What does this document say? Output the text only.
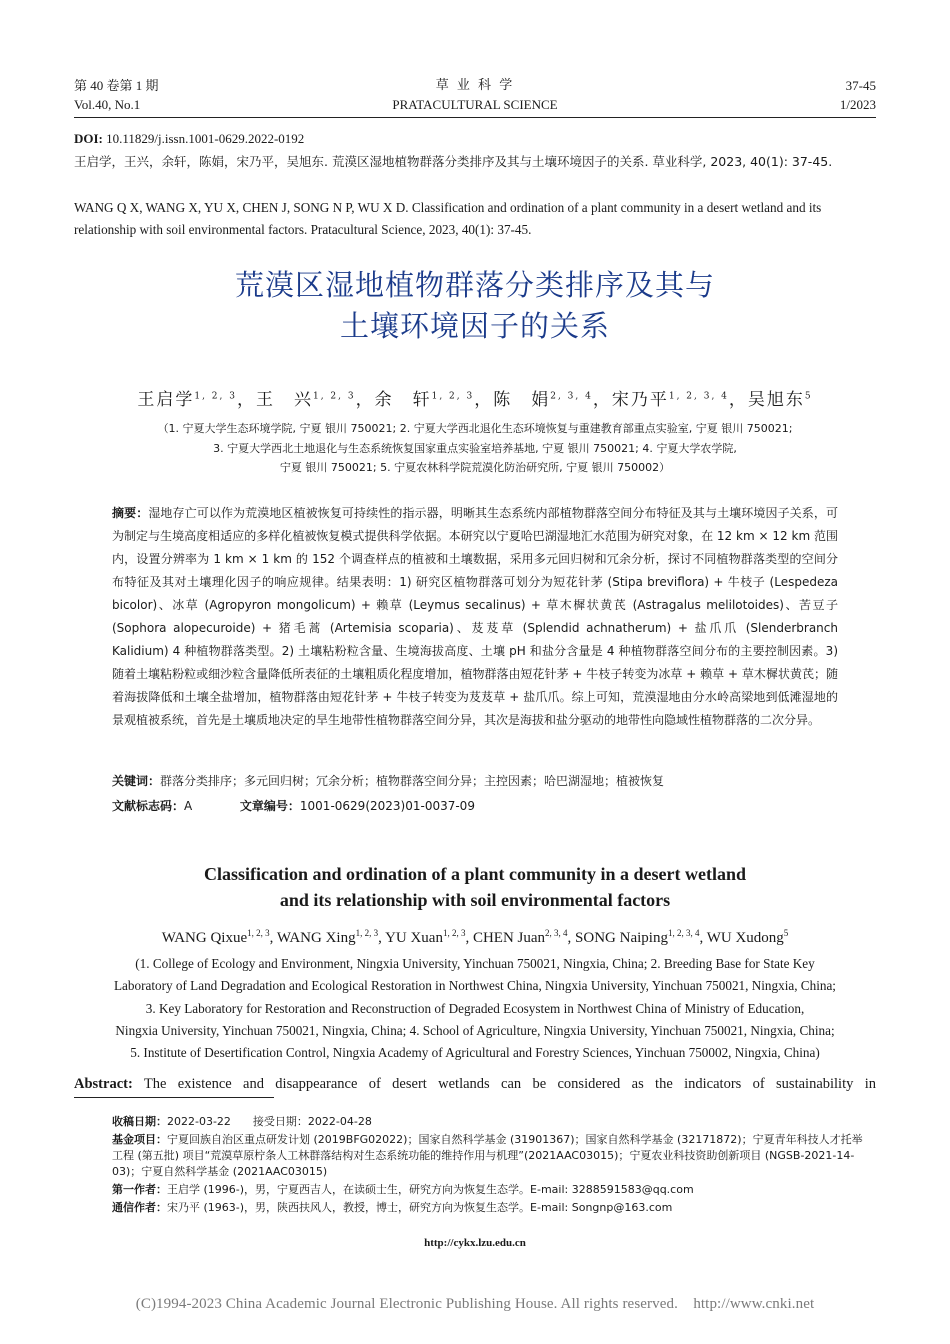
第 40 卷第 1 期
Vol.40, No.1
草 业 科 学
PRATACULTURAL SCIENCE
37-45
1/2023
DOI: 10.11829/j.issn.1001-0629.2022-0192
王启学，王兴，余轩，陈娟，宋乃平，吴旭东. 荒漠区湿地植物群落分类排序及其与土壤环境因子的关系. 草业科学, 2023, 40(1): 37-45.
WANG Q X, WANG X, YU X, CHEN J, SONG N P, WU X D. Classification and ordination of a plant community in a desert wetland and its relationship with soil environmental factors. Pratacultural Science, 2023, 40(1): 37-45.
荒漠区湿地植物群落分类排序及其与
土壤环境因子的关系
王启学$^{1, 2, 3}$，王　兴$^{1, 2, 3}$，余　轩$^{1, 2, 3}$，陈　娟$^{2, 3, 4}$，宋乃平$^{1, 2, 3, 4}$，吴旭东$^5$
（1. 宁夏大学生态环境学院, 宁夏 银川 750021; 2. 宁夏大学西北退化生态环境恢复与重建教育部重点实验室, 宁夏 银川 750021;
3. 宁夏大学西北土地退化与生态系统恢复国家重点实验室培养基地, 宁夏 银川 750021; 4. 宁夏大学农学院,
宁夏 银川 750021; 5. 宁夏农林科学院荒漠化防治研究所, 宁夏 银川 750002）
摘要：湿地存亡可以作为荒漠地区植被恢复可持续性的指示器，明晰其生态系统内部植物群落空间分布特征及其与土壤环境因子关系，可为制定与生境高度相适应的多样化植被恢复模式提供科学依据。本研究以宁夏哈巴湖湿地汇水范围为研究对象，在 12 km × 12 km 范围内，设置分辨率为 1 km × 1 km 的 152 个调查样点的植被和土壤数据，采用多元回归树和冗余分析，探讨不同植物群落类型的空间分布特征及其对土壤理化因子的响应规律。结果表明：1) 研究区植物群落可划分为短花针茅 (Stipa breviflora) + 牛枝子 (Lespedeza bicolor)、冰草 (Agropyron mongolicum) + 赖草 (Leymus secalinus) + 草木樨状黄芪 (Astragalus melilotoides)、苦豆子 (Sophora alopecuroide) + 猪毛蒿 (Artemisia scoparia)、芨芨草 (Splendid achnatherum) + 盐爪爪 (Slenderbranch Kalidium) 4 种植物群落类型。2) 土壤粘粉粒含量、生境海拔高度、土壤 pH 和盐分含量是 4 种植物群落空间分布的主要控制因素。3) 随着土壤粘粉粒或细沙粒含量降低所表征的土壤粗质化程度增加，植物群落由短花针茅 + 牛枝子转变为冰草 + 赖草 + 草木樨状黄芪；随着海拔降低和土壤全盐增加，植物群落由短花针茅 + 牛枝子转变为芨芨草 + 盐爪爪。综上可知，荒漠湿地由分水岭高梁地到低滩湿地的景观植被系统，首先是土壤质地决定的旱生地带性植物群落空间分异，其次是海拔和盐分驱动的地带性向隐域性植物群落的二次分异。
关键词：群落分类排序；多元回归树；冗余分析；植物群落空间分异；主控因素；哈巴湖湿地；植被恢复
文献标志码：A	文章编号：1001-0629(2023)01-0037-09
Classification and ordination of a plant community in a desert wetland
and its relationship with soil environmental factors
WANG Qixue$^{1, 2, 3}$, WANG Xing$^{1, 2, 3}$, YU Xuan$^{1, 2, 3}$, CHEN Juan$^{2, 3, 4}$, SONG Naiping$^{1, 2, 3, 4}$, WU Xudong$^5$
(1. College of Ecology and Environment, Ningxia University, Yinchuan 750021, Ningxia, China; 2. Breeding Base for State Key
Laboratory of Land Degradation and Ecological Restoration in Northwest China, Ningxia University, Yinchuan 750021, Ningxia, China;
3. Key Laboratory for Restoration and Reconstruction of Degraded Ecosystem in Northwest China of Ministry of Education,
Ningxia University, Yinchuan 750021, Ningxia, China; 4. School of Agriculture, Ningxia University, Yinchuan 750021, Ningxia, China;
5. Institute of Desertification Control, Ningxia Academy of Agricultural and Forestry Sciences, Yinchuan 750002, Ningxia, China)
Abstract: The existence and disappearance of desert wetlands can be considered as the indicators of sustainability in
收稿日期：2022-03-22　　接受日期：2022-04-28
基金项目：宁夏回族自治区重点研发计划 (2019BFG02022)；国家自然科学基金 (31901367)；国家自然科学基金 (32171872)；宁夏青年科技人才托举工程 (第五批) 项目“荒漠草原柠条人工林群落结构对生态系统功能的维持作用与机理”(2021AAC03015)；宁夏农业科技资助创新项目 (NGSB-2021-14-03)；宁夏自然科学基金 (2021AAC03015)
第一作者：王启学 (1996-)，男，宁夏西吉人，在读硕士生，研究方向为恢复生态学。E-mail: 3288591583@qq.com
通信作者：宋乃平 (1963-)，男，陕西扶风人，教授，博士，研究方向为恢复生态学。E-mail: Songnp@163.com
http://cykx.lzu.edu.cn
(C)1994-2023 China Academic Journal Electronic Publishing House. All rights reserved.    http://www.cnki.net
